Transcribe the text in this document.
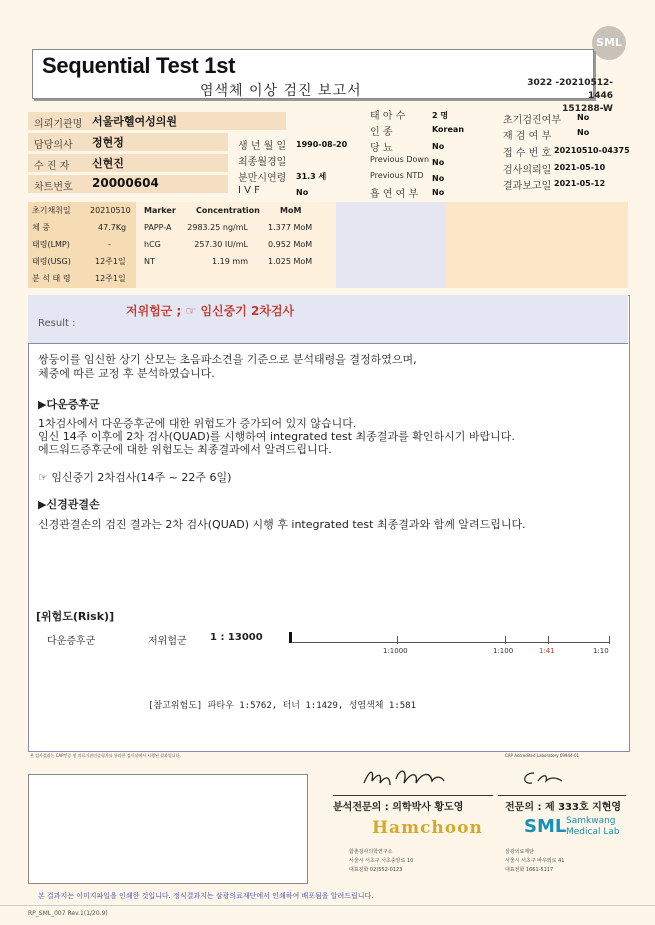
SML
Sequential Test 1st
염색체 이상 검진 보고서	3022 -20210512-1446
151288-W
의뢰기관명 서울라헬여성의원
담당의사 정현정
수 진 자 신현진
차트번호 20000604
생 년 월 일 1990-08-20
최종월경일
분만시연령 31.3 세
I V F	No
태 아 수	2 명
인 종	Korean
당 뇨	No
Previous Down No
Previous NTD No
흡 연 여 부 No
초기검진여부 No
재 검 여 부	No
접 수 번 호 20210510-04375
검사의뢰일 2021-05-10
결과보고일 2021-05-12
초기채취일 20210510
체 중	47.7Kg
태령(LMP)	-
태령(USG)	12주1일
분 석 태 령	12주1일
Marker	Concentration	MoM
PAPP-A 2983.25 ng/mL	1.377 MoM
hCG	257.30 IU/mL	0.952 MoM
NT	1.19 mm	1.025 MoM
Result :
저위험군 ; ☞ 임신중기 2차검사
쌍둥이를 임신한 상기 산모는 초음파소견을 기준으로 분석태령을 결정하였으며,
체중에 따른 교정 후 분석하였습니다.
▶다운증후군
1차검사에서 다운증후군에 대한 위험도가 증가되어 있지 않습니다.
임신 14주 이후에 2차 검사(QUAD)를 시행하여 integrated test 최종결과를 확인하시기 바랍니다.
에드워드증후군에 대한 위험도는 최종결과에서 알려드립니다.
☞ 임신중기 2차검사(14주 ~ 22주 6일)
▶신경관결손
신경관결손의 검진 결과는 2차 검사(QUAD) 시행 후 integrated test 최종결과와 함께 알려드립니다.
[위험도(Risk)]
다운증후군	저위험군 1 : 13000
1:1000	1:100	1:41	1:10
[참고위험도] 파타우 1:5762, 터너 1:1429, 성염색체 1:581
본 검사결과는 CAP인증 및 의료기관인증평가를 통과한 검사실에서 시행된 결과입니다.	CAP Accredited Laboratory 69944-01
분석전문의 : 의학박사 황도영	전문의 : 제 333호 지현영
Hamchoon
함춘검사의학연구소
서울시 서초구 서초중앙로 10
대표전화 02)552-0123
SML Samkwang
Medical Lab
삼광의료재단
서울시 서초구 바우뫼로 41
대표전화 1661-5117
본 결과지는 이미지파일을 인쇄한 것입니다. 정식결과지는 삼광의료재단에서 인쇄하여 배포됨을 알려드립니다.
RP_SML_007 Rev.1(1/20.9)
